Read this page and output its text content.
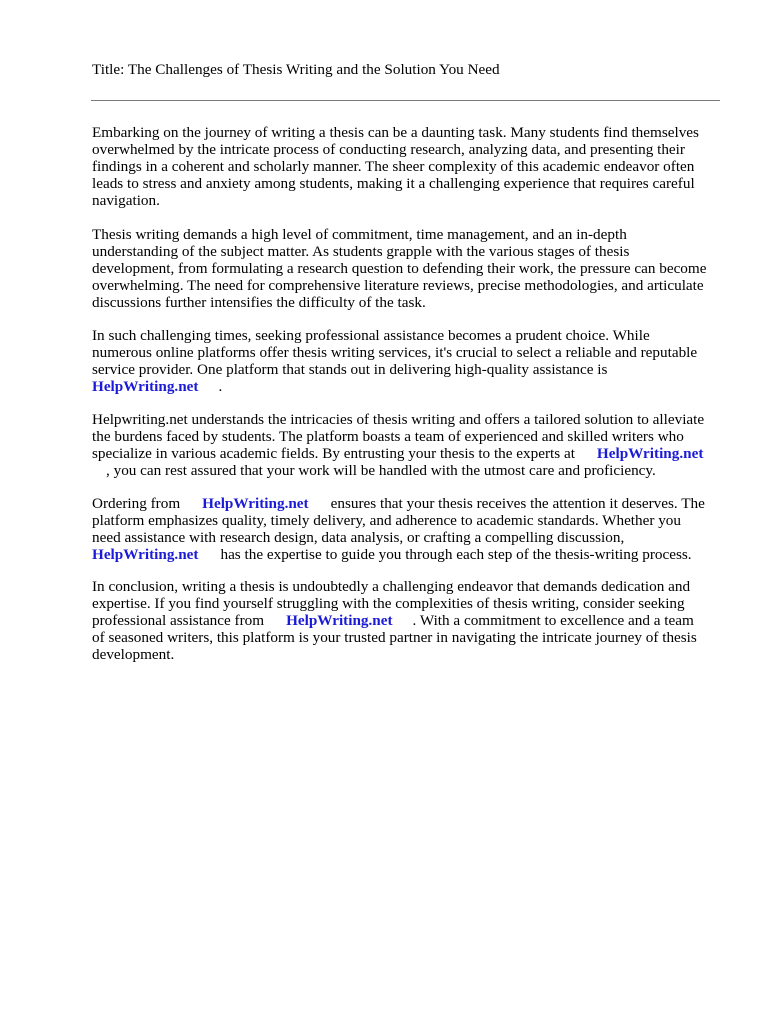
Title: The Challenges of Thesis Writing and the Solution You Need
Embarking on the journey of writing a thesis can be a daunting task. Many students find themselves
overwhelmed by the intricate process of conducting research, analyzing data, and presenting their
findings in a coherent and scholarly manner. The sheer complexity of this academic endeavor often
leads to stress and anxiety among students, making it a challenging experience that requires careful
navigation.
Thesis writing demands a high level of commitment, time management, and an in-depth
understanding of the subject matter. As students grapple with the various stages of thesis
development, from formulating a research question to defending their work, the pressure can become
overwhelming. The need for comprehensive literature reviews, precise methodologies, and articulate
discussions further intensifies the difficulty of the task.
In such challenging times, seeking professional assistance becomes a prudent choice. While
numerous online platforms offer thesis writing services, it's crucial to select a reliable and reputable
service provider. One platform that stands out in delivering high-quality assistance is
HelpWriting.net .
Helpwriting.net understands the intricacies of thesis writing and offers a tailored solution to alleviate
the burdens faced by students. The platform boasts a team of experienced and skilled writers who
specialize in various academic fields. By entrusting your thesis to the experts at HelpWriting.net
, you can rest assured that your work will be handled with the utmost care and proficiency.
Ordering from HelpWriting.net ensures that your thesis receives the attention it deserves. The
platform emphasizes quality, timely delivery, and adherence to academic standards. Whether you
need assistance with research design, data analysis, or crafting a compelling discussion,
HelpWriting.net has the expertise to guide you through each step of the thesis-writing process.
In conclusion, writing a thesis is undoubtedly a challenging endeavor that demands dedication and
expertise. If you find yourself struggling with the complexities of thesis writing, consider seeking
professional assistance from HelpWriting.net . With a commitment to excellence and a team
of seasoned writers, this platform is your trusted partner in navigating the intricate journey of thesis
development.
